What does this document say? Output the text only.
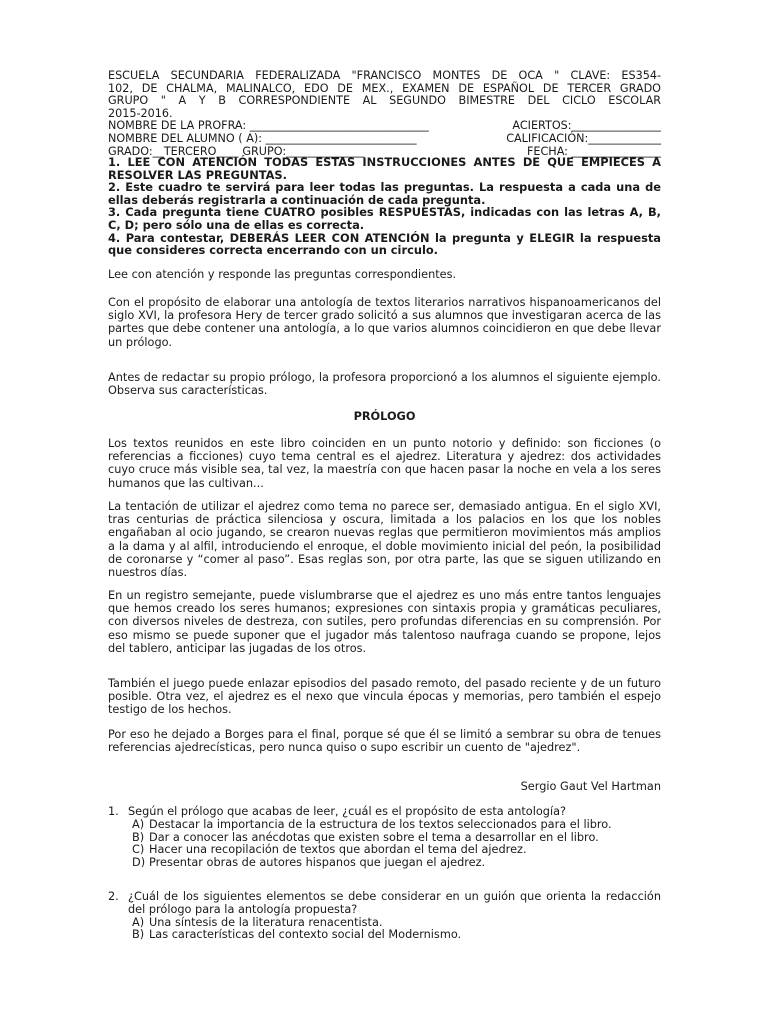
ESCUELA SECUNDARIA FEDERALIZADA "FRANCISCO MONTES DE OCA " CLAVE: ES354-
102, DE CHALMA, MALINALCO, EDO DE MEX., EXAMEN DE ESPAÑOL DE TERCER GRADO
GRUPO " A Y B CORRESPONDIENTE AL SEGUNDO BIMESTRE DEL CICLO ESCOLAR
2015-2016.
NOMBRE DE LA PROFRA: ________________________________	ACIERTOS:________________
NOMBRE DEL ALUMNO ( A): ___________________________	CALIFICACIÓN:_____________
GRADO:__TERCERO____ GRUPO:______________	FECHA: ________________
1. LEE CON ATENCIÓN TODAS ESTAS INSTRUCCIONES ANTES DE QUE EMPIECES A RESOLVER LAS PREGUNTAS.
2. Este cuadro te servirá para leer todas las preguntas. La respuesta a cada una de ellas deberás registrarla a continuación de cada pregunta.
3. Cada pregunta tiene CUATRO posibles RESPUESTAS, indicadas con las letras A, B, C, D; pero sólo una de ellas es correcta.
4. Para contestar, DEBERÁS LEER CON ATENCIÓN la pregunta y ELEGIR la respuesta que consideres correcta encerrando con un circulo.
Lee con atención y responde las preguntas correspondientes.
Con el propósito de elaborar una antología de textos literarios narrativos hispanoamericanos del siglo XVI, la profesora Hery de tercer grado solicitó a sus alumnos que investigaran acerca de las partes que debe contener una antología, a lo que varios alumnos coincidieron en que debe llevar un prólogo.
Antes de redactar su propio prólogo, la profesora proporcionó a los alumnos el siguiente ejemplo. Observa sus características.
PRÓLOGO
Los textos reunidos en este libro coinciden en un punto notorio y definido: son ficciones (o referencias a ficciones) cuyo tema central es el ajedrez. Literatura y ajedrez: dos actividades cuyo cruce más visible sea, tal vez, la maestría con que hacen pasar la noche en vela a los seres humanos que las cultivan...
La tentación de utilizar el ajedrez como tema no parece ser, demasiado antigua. En el siglo XVI, tras centurias de práctica silenciosa y oscura, limitada a los palacios en los que los nobles engañaban al ocio jugando, se crearon nuevas reglas que permitieron movimientos más amplios a la dama y al alfil, introduciendo el enroque, el doble movimiento inicial del peón, la posibilidad de coronarse y “comer al paso”. Esas reglas son, por otra parte, las que se siguen utilizando en nuestros días.
En un registro semejante, puede vislumbrarse que el ajedrez es uno más entre tantos lenguajes que hemos creado los seres humanos; expresiones con sintaxis propia y gramáticas peculiares, con diversos niveles de destreza, con sutiles, pero profundas diferencias en su comprensión. Por eso mismo se puede suponer que el jugador más talentoso naufraga cuando se propone, lejos del tablero, anticipar las jugadas de los otros.
También el juego puede enlazar episodios del pasado remoto, del pasado reciente y de un futuro posible. Otra vez, el ajedrez es el nexo que vincula épocas y memorias, pero también el espejo testigo de los hechos.
Por eso he dejado a Borges para el final, porque sé que él se limitó a sembrar su obra de tenues referencias ajedrecísticas, pero nunca quiso o supo escribir un cuento de "ajedrez".
Sergio Gaut Vel Hartman
1. Según el prólogo que acabas de leer, ¿cuál es el propósito de esta antología?
A) Destacar la importancia de la estructura de los textos seleccionados para el libro.
B) Dar a conocer las anécdotas que existen sobre el tema a desarrollar en el libro.
C) Hacer una recopilación de textos que abordan el tema del ajedrez.
D) Presentar obras de autores hispanos que juegan el ajedrez.
2. ¿Cuál de los siguientes elementos se debe considerar en un guión que orienta la redacción del prólogo para la antología propuesta?
A) Una síntesis de la literatura renacentista.
B) Las características del contexto social del Modernismo.
